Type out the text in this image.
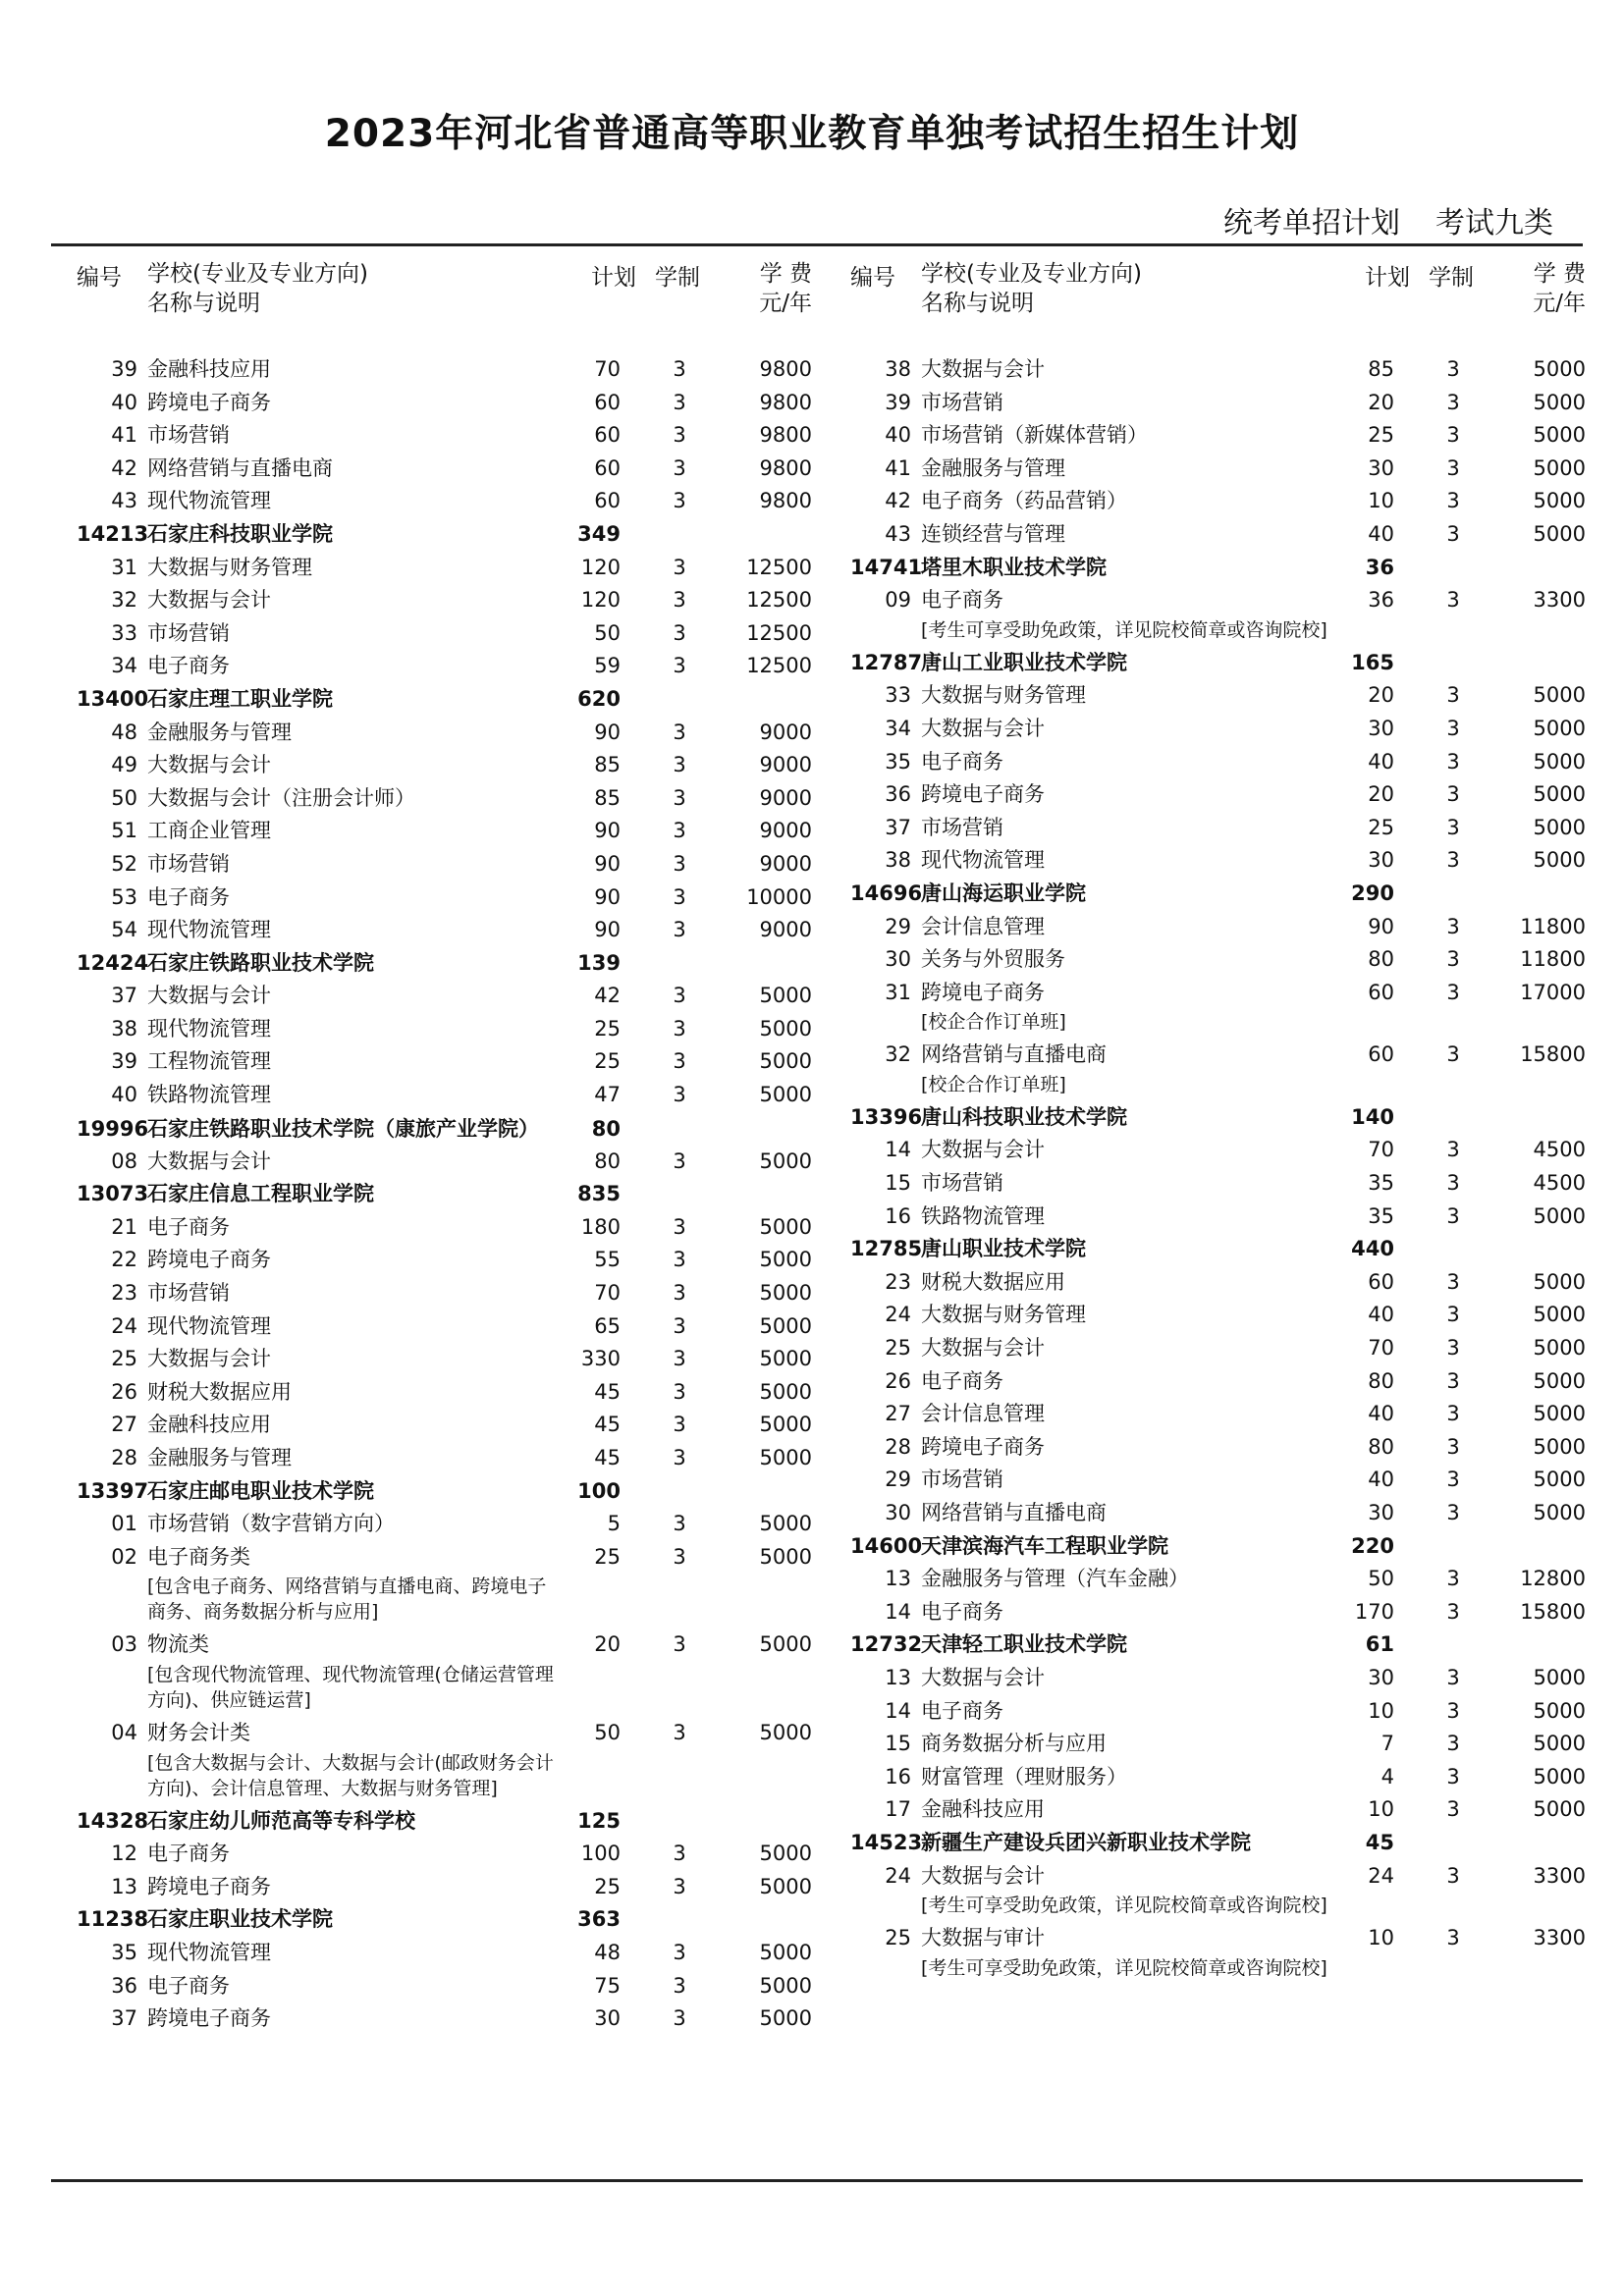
2023年河北省普通高等职业教育单独考试招生招生计划
统考单招计划 考试九类
编号 学校(专业及专业方向)
名称与说明
计划 学制	学 费
元/年
39 金融科技应用	70	3	9800
40 跨境电子商务	60	3	9800
41 市场营销	60	3	9800
42 网络营销与直播电商	60	3	9800
43 现代物流管理	60	3	9800
14213
石家庄科技职业学院	349
31 大数据与财务管理	120	3	12500
32 大数据与会计	120	3	12500
33 市场营销	50	3	12500
34 电子商务	59	3	12500
13400
石家庄理工职业学院	620
48 金融服务与管理	90	3	9000
49 大数据与会计	85	3	9000
50 大数据与会计（注册会计师）	85	3	9000
51 工商企业管理	90	3	9000
52 市场营销	90	3	9000
53 电子商务	90	3	10000
54 现代物流管理	90	3	9000
12424
石家庄铁路职业技术学院	139
37 大数据与会计	42	3	5000
38 现代物流管理	25	3	5000
39 工程物流管理	25	3	5000
40 铁路物流管理	47	3	5000
19996
石家庄铁路职业技术学院（康旅产业学院）	80
08 大数据与会计	80	3	5000
13073
石家庄信息工程职业学院	835
21 电子商务	180	3	5000
22 跨境电子商务	55	3	5000
23 市场营销	70	3	5000
24 现代物流管理	65	3	5000
25 大数据与会计	330	3	5000
26 财税大数据应用	45	3	5000
27 金融科技应用	45	3	5000
28 金融服务与管理	45	3	5000
13397
石家庄邮电职业技术学院	100
01 市场营销（数字营销方向）	5	3	5000
02 电子商务类	25	3	5000
[包含电子商务、网络营销与直播电商、跨境电子商务、商务数据分析与应用]
03 物流类	20	3	5000
[包含现代物流管理、现代物流管理(仓储运营管理方向)、供应链运营]
04 财务会计类	50	3	5000
[包含大数据与会计、大数据与会计(邮政财务会计方向)、会计信息管理、大数据与财务管理]
14328
石家庄幼儿师范高等专科学校	125
12 电子商务	100	3	5000
13 跨境电子商务	25	3	5000
11238
石家庄职业技术学院	363
35 现代物流管理	48	3	5000
36 电子商务	75	3	5000
37 跨境电子商务	30	3	5000
编号 学校(专业及专业方向)
名称与说明
计划 学制	学 费
元/年
38 大数据与会计	85	3	5000
39 市场营销	20	3	5000
40 市场营销（新媒体营销）	25	3	5000
41 金融服务与管理	30	3	5000
42 电子商务（药品营销）	10	3	5000
43 连锁经营与管理	40	3	5000
14741
塔里木职业技术学院	36
09 电子商务	36	3	3300
[考生可享受助免政策，详见院校简章或咨询院校]
12787
唐山工业职业技术学院	165
33 大数据与财务管理	20	3	5000
34 大数据与会计	30	3	5000
35 电子商务	40	3	5000
36 跨境电子商务	20	3	5000
37 市场营销	25	3	5000
38 现代物流管理	30	3	5000
14696
唐山海运职业学院	290
29 会计信息管理	90	3	11800
30 关务与外贸服务	80	3	11800
31 跨境电子商务	60	3	17000
[校企合作订单班]
32 网络营销与直播电商	60	3	15800
[校企合作订单班]
13396
唐山科技职业技术学院	140
14 大数据与会计	70	3	4500
15 市场营销	35	3	4500
16 铁路物流管理	35	3	5000
12785
唐山职业技术学院	440
23 财税大数据应用	60	3	5000
24 大数据与财务管理	40	3	5000
25 大数据与会计	70	3	5000
26 电子商务	80	3	5000
27 会计信息管理	40	3	5000
28 跨境电子商务	80	3	5000
29 市场营销	40	3	5000
30 网络营销与直播电商	30	3	5000
14600
天津滨海汽车工程职业学院	220
13 金融服务与管理（汽车金融）	50	3	12800
14 电子商务	170	3	15800
12732
天津轻工职业技术学院	61
13 大数据与会计	30	3	5000
14 电子商务	10	3	5000
15 商务数据分析与应用	7	3	5000
16 财富管理（理财服务）	4	3	5000
17 金融科技应用	10	3	5000
14523
新疆生产建设兵团兴新职业技术学院	45
24 大数据与会计	24	3	3300
[考生可享受助免政策，详见院校简章或咨询院校]
25 大数据与审计	10	3	3300
[考生可享受助免政策，详见院校简章或咨询院校]
